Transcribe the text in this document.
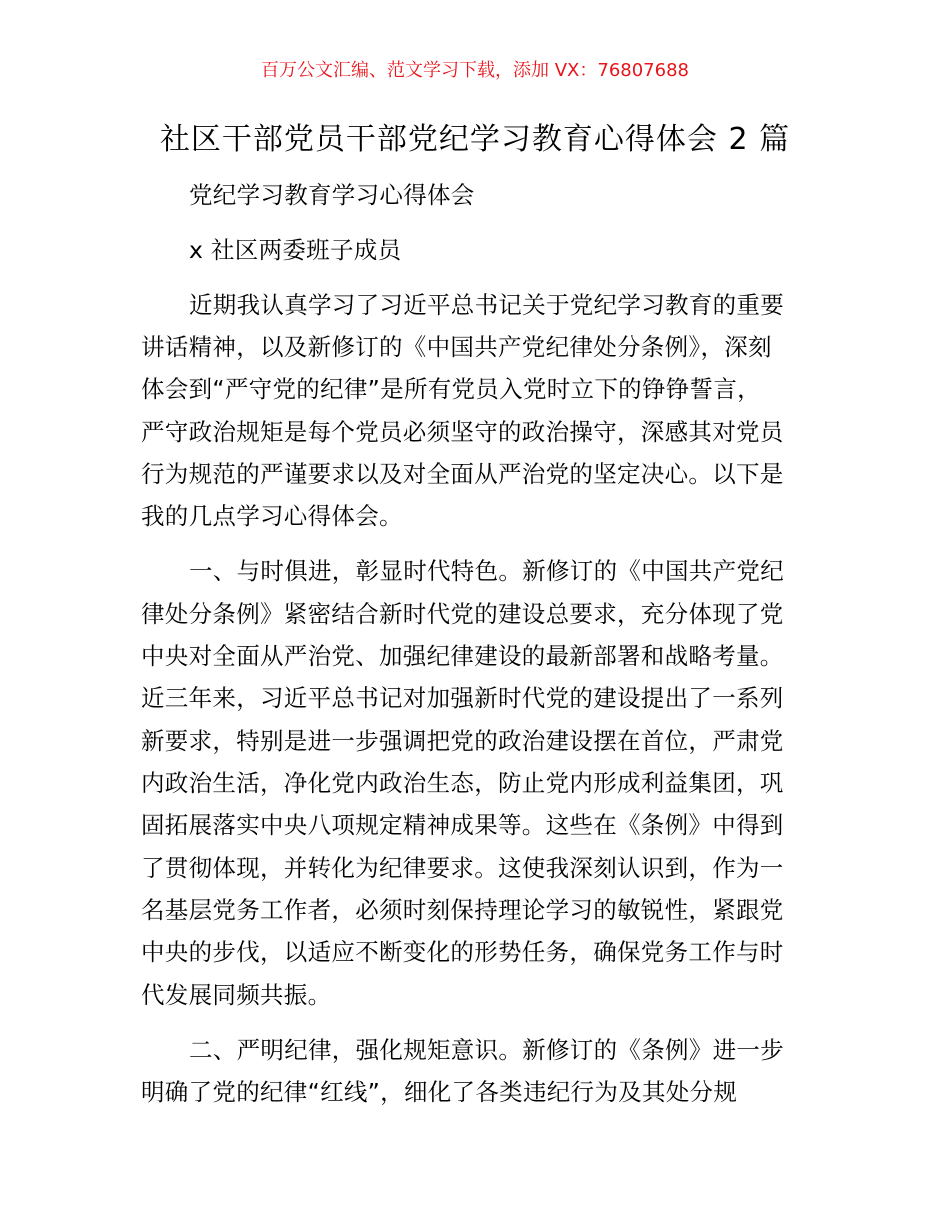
百万公文汇编、范文学习下载，添加 VX：76807688
社区干部党员干部党纪学习教育心得体会 2 篇
党纪学习教育学习心得体会
x 社区两委班子成员
近期我认真学习了习近平总书记关于党纪学习教育的重要
讲话精神，以及新修订的《中国共产党纪律处分条例》，深刻
体会到“严守党的纪律”是所有党员入党时立下的铮铮誓言，
严守政治规矩是每个党员必须坚守的政治操守，深感其对党员
行为规范的严谨要求以及对全面从严治党的坚定决心。以下是
我的几点学习心得体会。
一、与时俱进，彰显时代特色。新修订的《中国共产党纪
律处分条例》紧密结合新时代党的建设总要求，充分体现了党
中央对全面从严治党、加强纪律建设的最新部署和战略考量。
近三年来，习近平总书记对加强新时代党的建设提出了一系列
新要求，特别是进一步强调把党的政治建设摆在首位，严肃党
内政治生活，净化党内政治生态，防止党内形成利益集团，巩
固拓展落实中央八项规定精神成果等。这些在《条例》中得到
了贯彻体现，并转化为纪律要求。这使我深刻认识到，作为一
名基层党务工作者，必须时刻保持理论学习的敏锐性，紧跟党
中央的步伐，以适应不断变化的形势任务，确保党务工作与时
代发展同频共振。
二、严明纪律，强化规矩意识。新修订的《条例》进一步
明确了党的纪律“红线”，细化了各类违纪行为及其处分规
